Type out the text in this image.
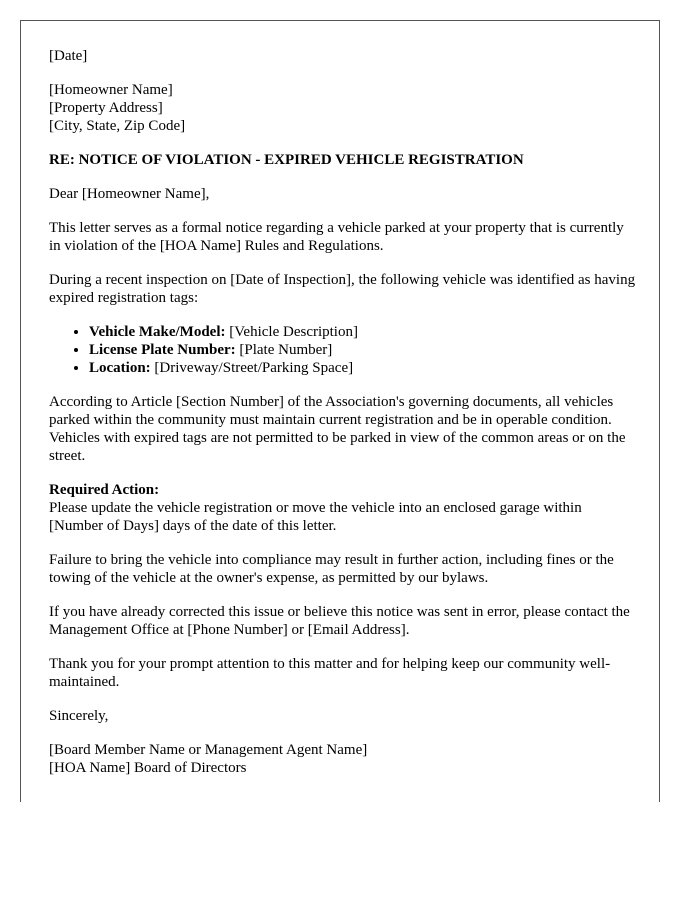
[Date]

[Homeowner Name]
[Property Address]
[City, State, Zip Code]

RE: NOTICE OF VIOLATION - EXPIRED VEHICLE REGISTRATION

Dear [Homeowner Name],

This letter serves as a formal notice regarding a vehicle parked at your property that is currently in violation of the [HOA Name] Rules and Regulations.

During a recent inspection on [Date of Inspection], the following vehicle was identified as having expired registration tags:

• Vehicle Make/Model: [Vehicle Description]
• License Plate Number: [Plate Number]
• Location: [Driveway/Street/Parking Space]

According to Article [Section Number] of the Association's governing documents, all vehicles parked within the community must maintain current registration and be in operable condition. Vehicles with expired tags are not permitted to be parked in view of the common areas or on the street.

Required Action:
Please update the vehicle registration or move the vehicle into an enclosed garage within [Number of Days] days of the date of this letter.

Failure to bring the vehicle into compliance may result in further action, including fines or the towing of the vehicle at the owner's expense, as permitted by our bylaws.

If you have already corrected this issue or believe this notice was sent in error, please contact the Management Office at [Phone Number] or [Email Address].

Thank you for your prompt attention to this matter and for helping keep our community well-maintained.

Sincerely,

[Board Member Name or Management Agent Name]
[HOA Name] Board of Directors
